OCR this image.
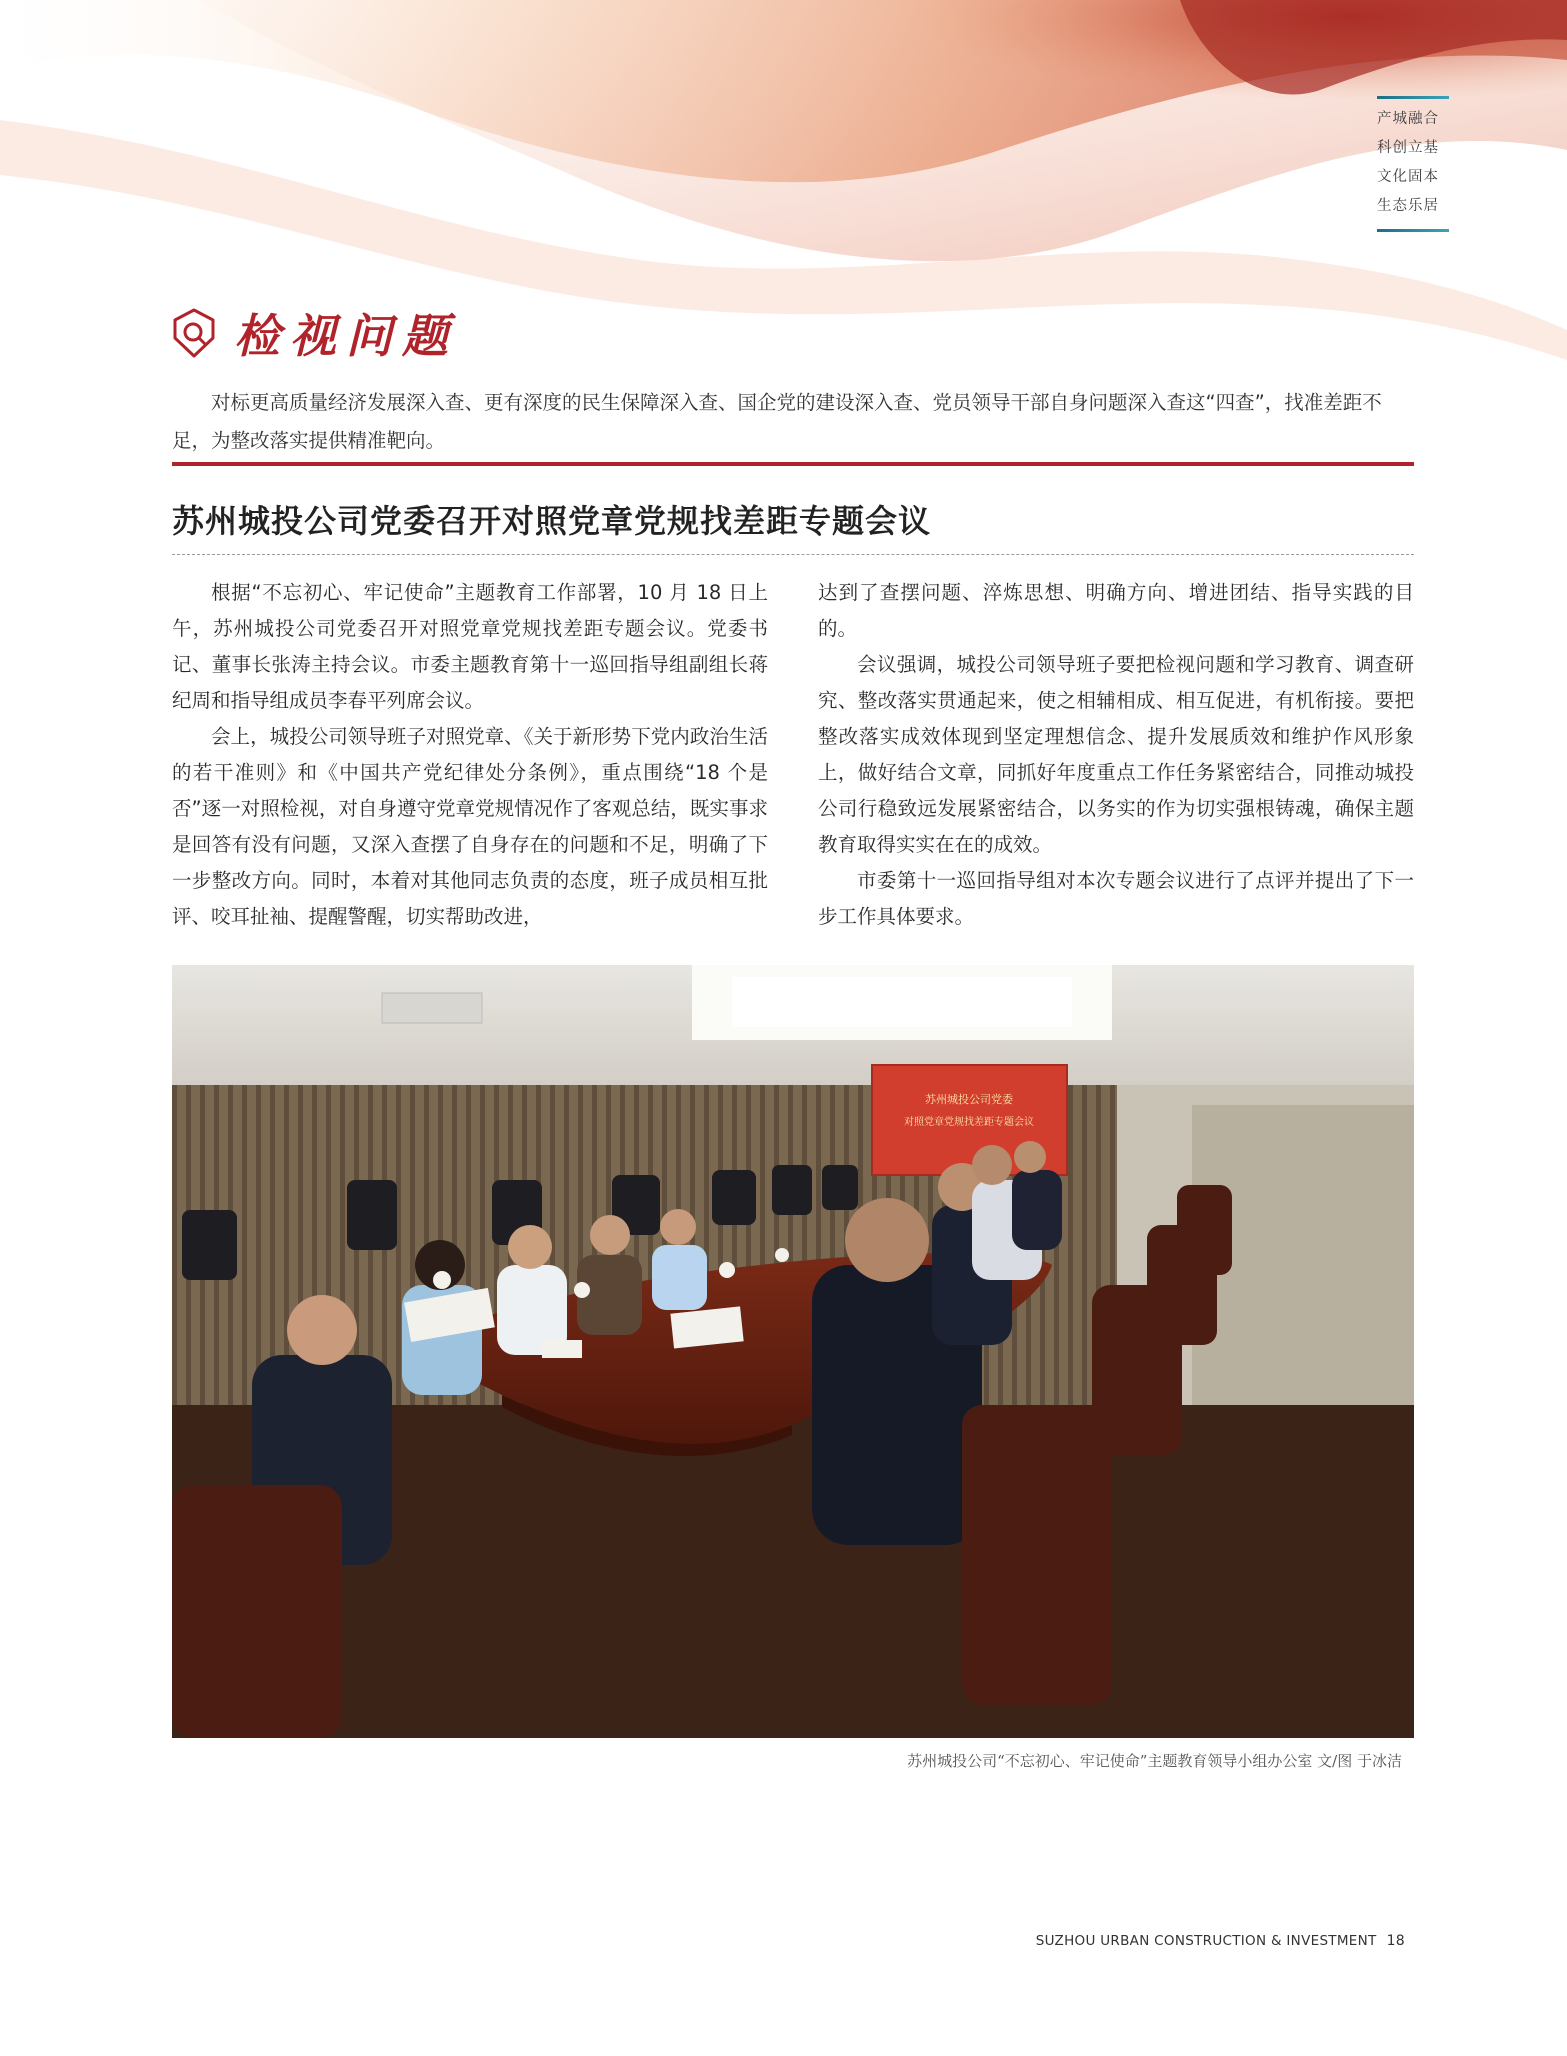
产城融合
科创立基
文化固本
生态乐居
检视问题

对标更高质量经济发展深入查、更有深度的民生保障深入查、国企党的建设深入查、党员领导干部自身问题深入查这“四查”，找准差距不足，为整改落实提供精准靶向。

苏州城投公司党委召开对照党章党规找差距专题会议

根据“不忘初心、牢记使命”主题教育工作部署，10 月 18 日上午，苏州城投公司党委召开对照党章党规找差距专题会议。党委书记、董事长张涛主持会议。市委主题教育第十一巡回指导组副组长蒋纪周和指导组成员李春平列席会议。

会上，城投公司领导班子对照党章、《关于新形势下党内政治生活的若干准则》和《中国共产党纪律处分条例》，重点围绕“18 个是否”逐一对照检视，对自身遵守党章党规情况作了客观总结，既实事求是回答有没有问题，又深入查摆了自身存在的问题和不足，明确了下一步整改方向。同时，本着对其他同志负责的态度，班子成员相互批评、咬耳扯袖、提醒警醒，切实帮助改进，

达到了查摆问题、淬炼思想、明确方向、增进团结、指导实践的目的。

会议强调，城投公司领导班子要把检视问题和学习教育、调查研究、整改落实贯通起来，使之相辅相成、相互促进，有机衔接。要把整改落实成效体现到坚定理想信念、提升发展质效和维护作风形象上，做好结合文章，同抓好年度重点工作任务紧密结合，同推动城投公司行稳致远发展紧密结合，以务实的作为切实强根铸魂，确保主题教育取得实实在在的成效。

市委第十一巡回指导组对本次专题会议进行了点评并提出了下一步工作具体要求。

苏州城投公司党委
对照党章党规找差距专题会议
苏州城投公司“不忘初心、牢记使命”主题教育领导小组办公室 文/图 于冰洁
SUZHOU URBAN CONSTRUCTION & INVESTMENT 18
